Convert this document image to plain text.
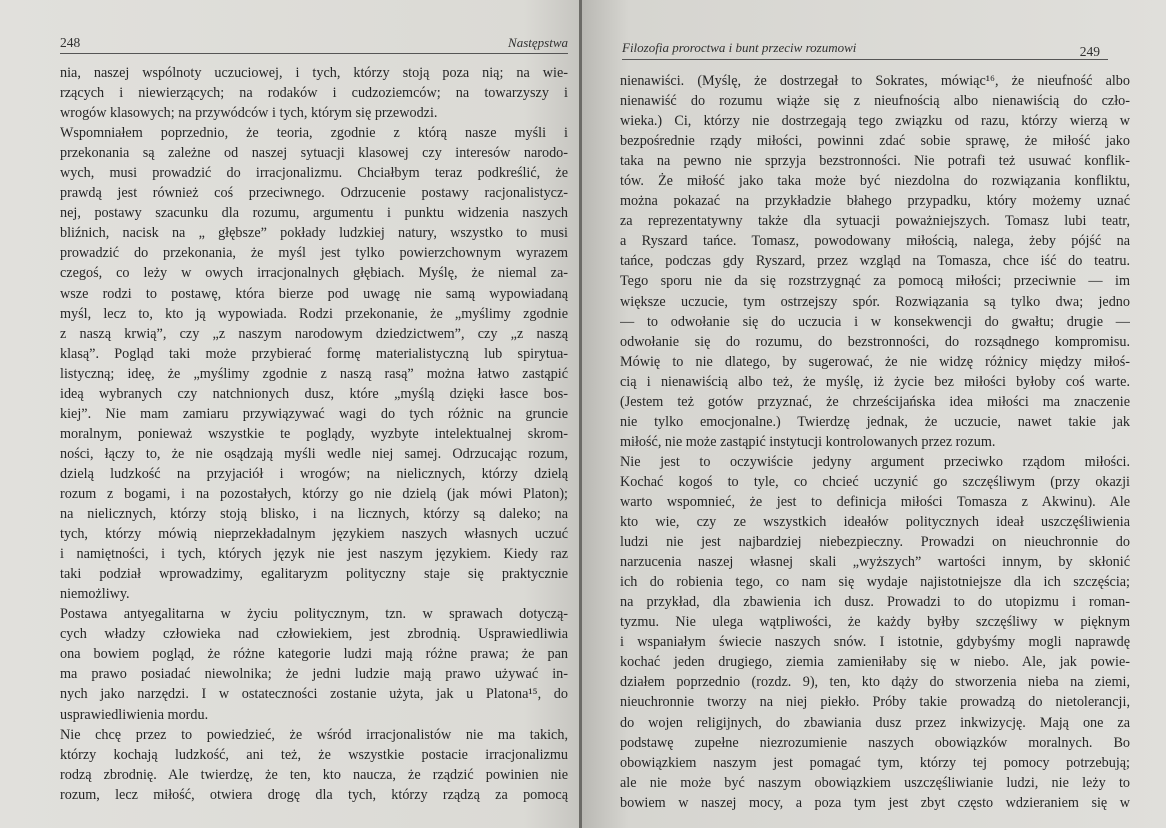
248	Następstwa
nia, naszej wspólnoty uczuciowej, i tych, którzy stoją poza nią; na wie-
rzących i niewierzących; na rodaków i cudzoziemców; na towarzyszy i
wrogów klasowych; na przywódców i tych, którym się przewodzi.
Wspomniałem poprzednio, że teoria, zgodnie z którą nasze myśli i
przekonania są zależne od naszej sytuacji klasowej czy interesów narodo-
wych, musi prowadzić do irracjonalizmu. Chciałbym teraz podkreślić, że
prawdą jest również coś przeciwnego. Odrzucenie postawy racjonalistycz-
nej, postawy szacunku dla rozumu, argumentu i punktu widzenia naszych
bliźnich, nacisk na „ głębsze” pokłady ludzkiej natury, wszystko to musi
prowadzić do przekonania, że myśl jest tylko powierzchownym wyrazem
czegoś, co leży w owych irracjonalnych głębiach. Myślę, że niemal za-
wsze rodzi to postawę, która bierze pod uwagę nie samą wypowiadaną
myśl, lecz to, kto ją wypowiada. Rodzi przekonanie, że „myślimy zgodnie
z naszą krwią”, czy „z naszym narodowym dziedzictwem”, czy „z naszą
klasą”. Pogląd taki może przybierać formę materialistyczną lub spirytua-
listyczną; ideę, że „myślimy zgodnie z naszą rasą” można łatwo zastąpić
ideą wybranych czy natchnionych dusz, które „myślą dzięki łasce bos-
kiej”. Nie mam zamiaru przywiązywać wagi do tych różnic na gruncie
moralnym, ponieważ wszystkie te poglądy, wyzbyte intelektualnej skrom-
ności, łączy to, że nie osądzają myśli wedle niej samej. Odrzucając rozum,
dzielą ludzkość na przyjaciół i wrogów; na nielicznych, którzy dzielą
rozum z bogami, i na pozostałych, którzy go nie dzielą (jak mówi Platon);
na nielicznych, którzy stoją blisko, i na licznych, którzy są daleko; na
tych, którzy mówią nieprzekładalnym językiem naszych własnych uczuć
i namiętności, i tych, których język nie jest naszym językiem. Kiedy raz
taki podział wprowadzimy, egalitaryzm polityczny staje się praktycznie
niemożliwy.
Postawa antyegalitarna w życiu politycznym, tzn. w sprawach dotyczą-
cych władzy człowieka nad człowiekiem, jest zbrodnią. Usprawiedliwia
ona bowiem pogląd, że różne kategorie ludzi mają różne prawa; że pan
ma prawo posiadać niewolnika; że jedni ludzie mają prawo używać in-
nych jako narzędzi. I w ostateczności zostanie użyta, jak u Platona¹⁵, do
usprawiedliwienia mordu.
Nie chcę przez to powiedzieć, że wśród irracjonalistów nie ma takich,
którzy kochają ludzkość, ani też, że wszystkie postacie irracjonalizmu
rodzą zbrodnię. Ale twierdzę, że ten, kto naucza, że rządzić powinien nie
rozum, lecz miłość, otwiera drogę dla tych, którzy rządzą za pomocą
Filozofia proroctwa i bunt przeciw rozumowi	249
nienawiści. (Myślę, że dostrzegał to Sokrates, mówiąc¹⁶, że nieufność albo
nienawiść do rozumu wiąże się z nieufnością albo nienawiścią do czło-
wieka.) Ci, którzy nie dostrzegają tego związku od razu, którzy wierzą w
bezpośrednie rządy miłości, powinni zdać sobie sprawę, że miłość jako
taka na pewno nie sprzyja bezstronności. Nie potrafi też usuwać konflik-
tów. Że miłość jako taka może być niezdolna do rozwiązania konfliktu,
można pokazać na przykładzie błahego przypadku, który możemy uznać
za reprezentatywny także dla sytuacji poważniejszych. Tomasz lubi teatr,
a Ryszard tańce. Tomasz, powodowany miłością, nalega, żeby pójść na
tańce, podczas gdy Ryszard, przez wzgląd na Tomasza, chce iść do teatru.
Tego sporu nie da się rozstrzygnąć za pomocą miłości; przeciwnie — im
większe uczucie, tym ostrzejszy spór. Rozwiązania są tylko dwa; jedno
— to odwołanie się do uczucia i w konsekwencji do gwałtu; drugie —
odwołanie się do rozumu, do bezstronności, do rozsądnego kompromisu.
Mówię to nie dlatego, by sugerować, że nie widzę różnicy między miłoś-
cią i nienawiścią albo też, że myślę, iż życie bez miłości byłoby coś warte.
(Jestem też gotów przyznać, że chrześcijańska idea miłości ma znaczenie
nie tylko emocjonalne.) Twierdzę jednak, że uczucie, nawet takie jak
miłość, nie może zastąpić instytucji kontrolowanych przez rozum.
Nie jest to oczywiście jedyny argument przeciwko rządom miłości.
Kochać kogoś to tyle, co chcieć uczynić go szczęśliwym (przy okazji
warto wspomnieć, że jest to definicja miłości Tomasza z Akwinu). Ale
kto wie, czy ze wszystkich ideałów politycznych ideał uszczęśliwienia
ludzi nie jest najbardziej niebezpieczny. Prowadzi on nieuchronnie do
narzucenia naszej własnej skali „wyższych” wartości innym, by skłonić
ich do robienia tego, co nam się wydaje najistotniejsze dla ich szczęścia;
na przykład, dla zbawienia ich dusz. Prowadzi to do utopizmu i roman-
tyzmu. Nie ulega wątpliwości, że każdy byłby szczęśliwy w pięknym
i wspaniałym świecie naszych snów. I istotnie, gdybyśmy mogli naprawdę
kochać jeden drugiego, ziemia zamieniłaby się w niebo. Ale, jak powie-
działem poprzednio (rozdz. 9), ten, kto dąży do stworzenia nieba na ziemi,
nieuchronnie tworzy na niej piekło. Próby takie prowadzą do nietolerancji,
do wojen religijnych, do zbawiania dusz przez inkwizycję. Mają one za
podstawę zupełne niezrozumienie naszych obowiązków moralnych. Bo
obowiązkiem naszym jest pomagać tym, którzy tej pomocy potrzebują;
ale nie może być naszym obowiązkiem uszczęśliwianie ludzi, nie leży to
bowiem w naszej mocy, a poza tym jest zbyt często wdzieraniem się w
